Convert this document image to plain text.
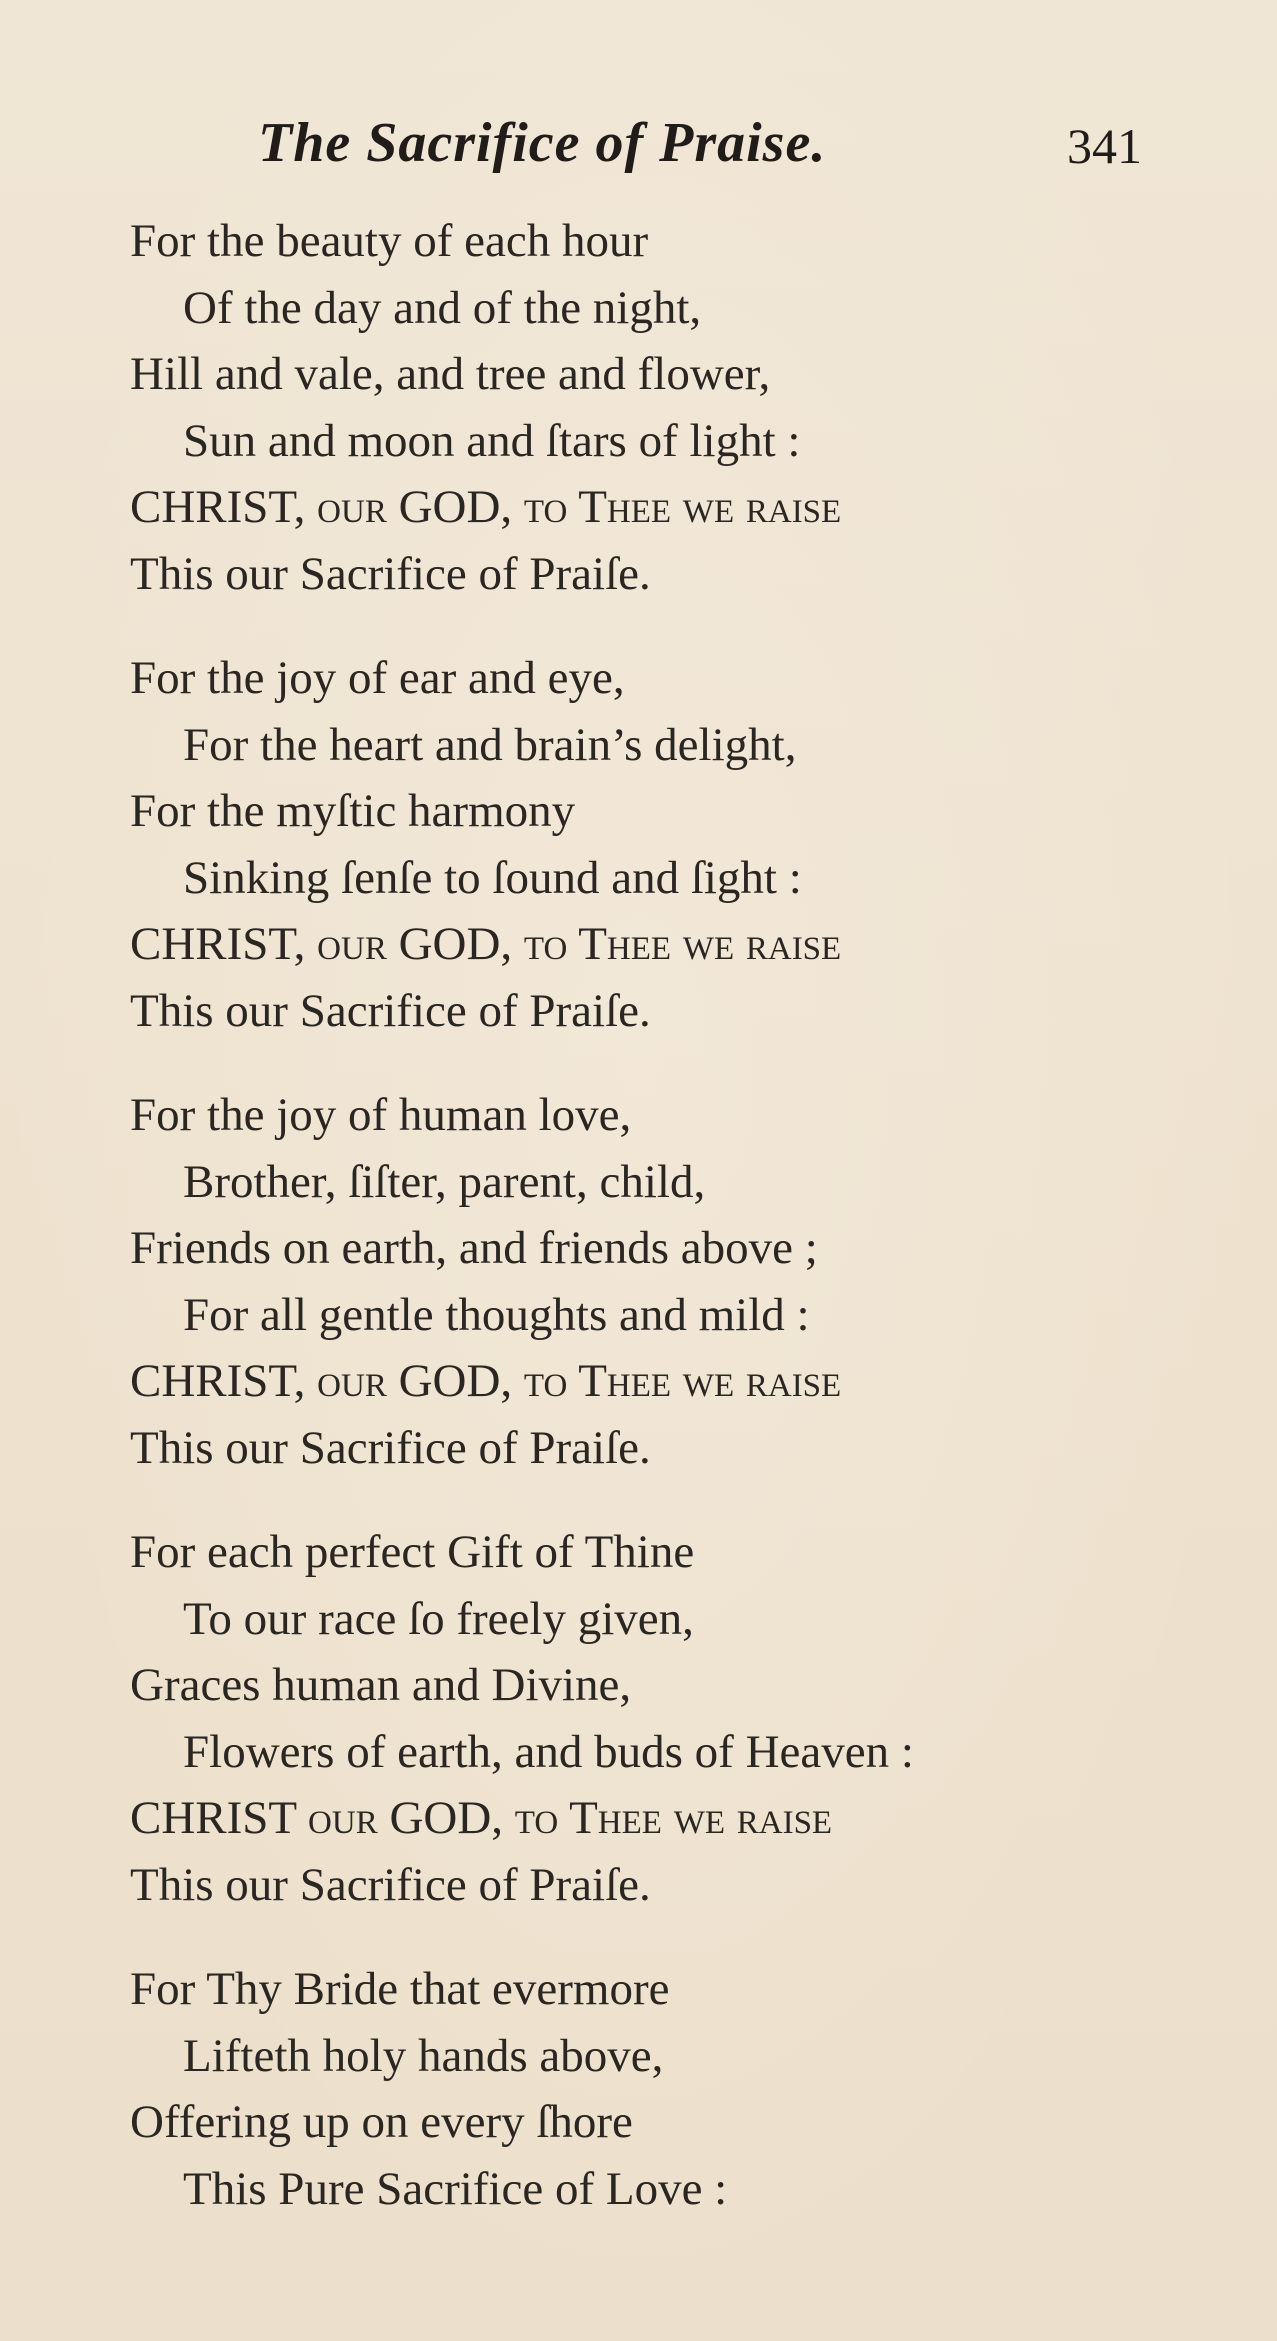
The Sacrifice of Praise.	341
For the beauty of each hour
Of the day and of the night,
Hill and vale, and tree and flower,
Sun and moon and ſtars of light :
CHRIST, our GOD, to Thee we raiſe
This our Sacrifice of Praiſe.
For the joy of ear and eye,
For the heart and brain’s delight,
For the myſtic harmony
Sinking ſenſe to ſound and ſight :
CHRIST, our GOD, to Thee we raiſe
This our Sacrifice of Praiſe.
For the joy of human love,
Brother, ſiſter, parent, child,
Friends on earth, and friends above ;
For all gentle thoughts and mild :
CHRIST, our GOD, to Thee we raiſe
This our Sacrifice of Praiſe.
For each perfect Gift of Thine
To our race ſo freely given,
Graces human and Divine,
Flowers of earth, and buds of Heaven :
CHRIST our GOD, to Thee we raiſe
This our Sacrifice of Praiſe.
For Thy Bride that evermore
Lifteth holy hands above,
Offering up on every ſhore
This Pure Sacrifice of Love :
